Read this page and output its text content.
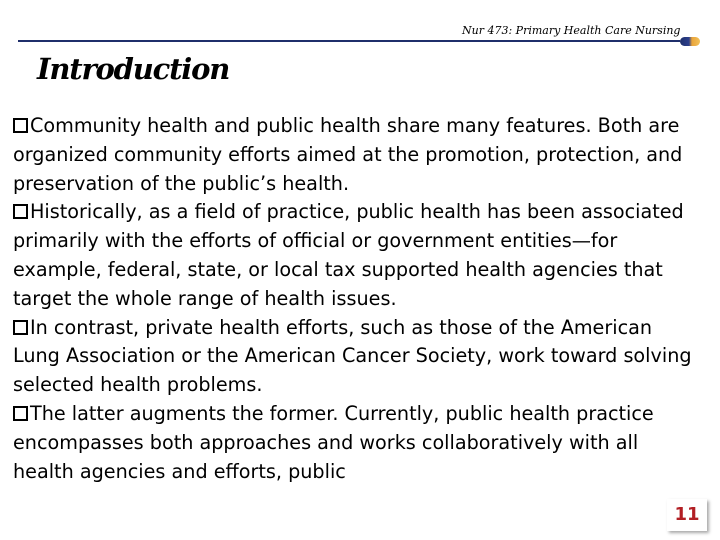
Nur 473: Primary Health Care Nursing
Introduction

Community health and public health share many features. Both are organized community efforts aimed at the promotion, protection, and preservation of the public’s health.

Historically, as a field of practice, public health has been associated primarily with the efforts of official or government entities—for example, federal, state, or local tax supported health agencies that target the whole range of health issues.

In contrast, private health efforts, such as those of the American Lung Association or the American Cancer Society, work toward solving selected health problems.

The latter augments the former. Currently, public health practice encompasses both approaches and works collaboratively with all health agencies and efforts, public

11
